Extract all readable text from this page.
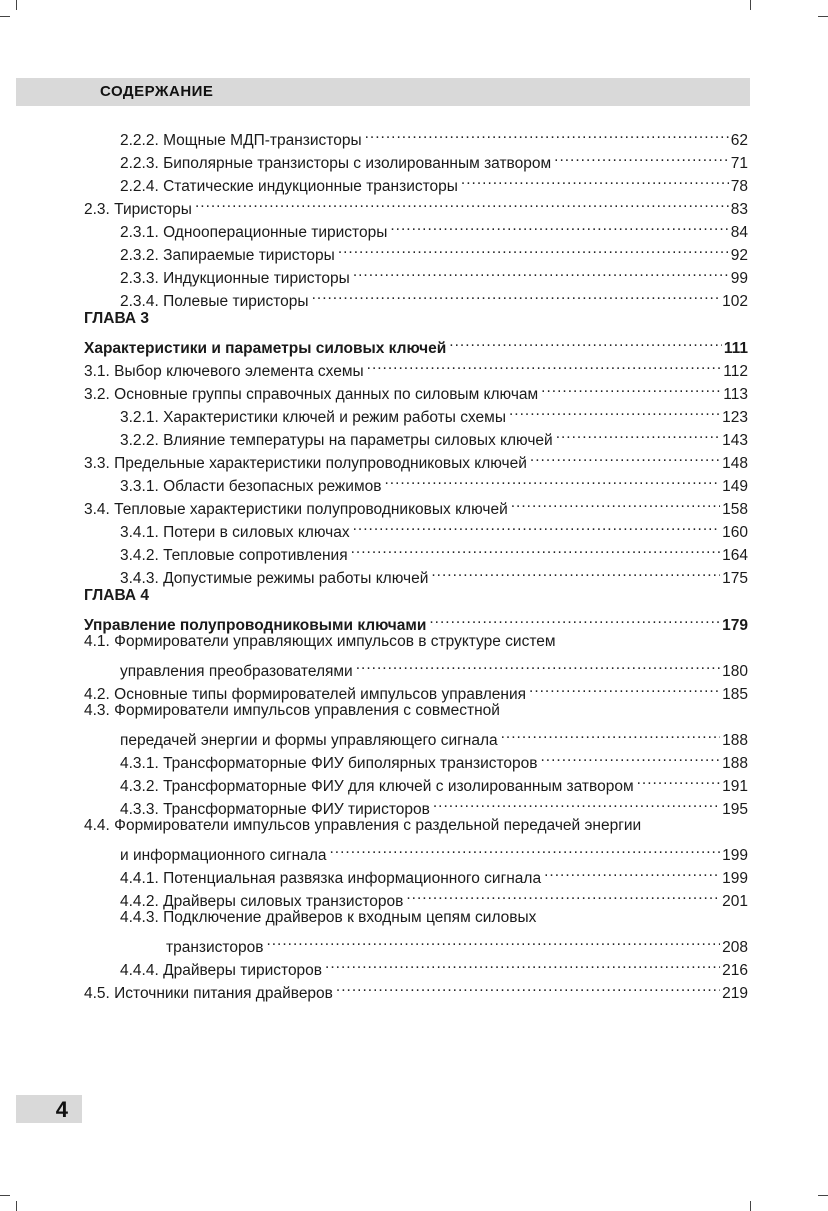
СОДЕРЖАНИЕ
2.2.2. Мощные МДП-транзисторы .....	62
2.2.3. Биполярные транзисторы с изолированным затвором .....	71
2.2.4. Статические индукционные транзисторы .....	78
2.3. Тиристоры .....	83
2.3.1. Однооперационные тиристоры .....	84
2.3.2. Запираемые тиристоры .....	92
2.3.3. Индукционные тиристоры .....	99
2.3.4. Полевые тиристоры .....	102
ГЛАВА 3
Характеристики и параметры силовых ключей .....	111
3.1. Выбор ключевого элемента схемы .....	112
3.2. Основные группы справочных данных по силовым ключам .....	113
3.2.1. Характеристики ключей и режим работы схемы .....	123
3.2.2. Влияние температуры на параметры силовых ключей .....	143
3.3. Предельные характеристики полупроводниковых ключей .....	148
3.3.1. Области безопасных режимов .....	149
3.4. Тепловые характеристики полупроводниковых ключей .....	158
3.4.1. Потери в силовых ключах .....	160
3.4.2. Тепловые сопротивления .....	164
3.4.3. Допустимые режимы работы ключей .....	175
ГЛАВА 4
Управление полупроводниковыми ключами .....	179
4.1. Формирователи управляющих импульсов в структуре систем
управления преобразователями .....	180
4.2. Основные типы формирователей импульсов управления .....	185
4.3. Формирователи импульсов управления с совместной
передачей энергии и формы управляющего сигнала .....	188
4.3.1. Трансформаторные ФИУ биполярных транзисторов .....	188
4.3.2. Трансформаторные ФИУ для ключей с изолированным затвором .....	191
4.3.3. Трансформаторные ФИУ тиристоров .....	195
4.4. Формирователи импульсов управления с раздельной передачей энергии
и информационного сигнала .....	199
4.4.1. Потенциальная развязка информационного сигнала .....	199
4.4.2. Драйверы силовых транзисторов .....	201
4.4.3. Подключение драйверов к входным цепям силовых
транзисторов .....	208
4.4.4. Драйверы тиристоров .....	216
4.5. Источники питания драйверов .....	219
4
